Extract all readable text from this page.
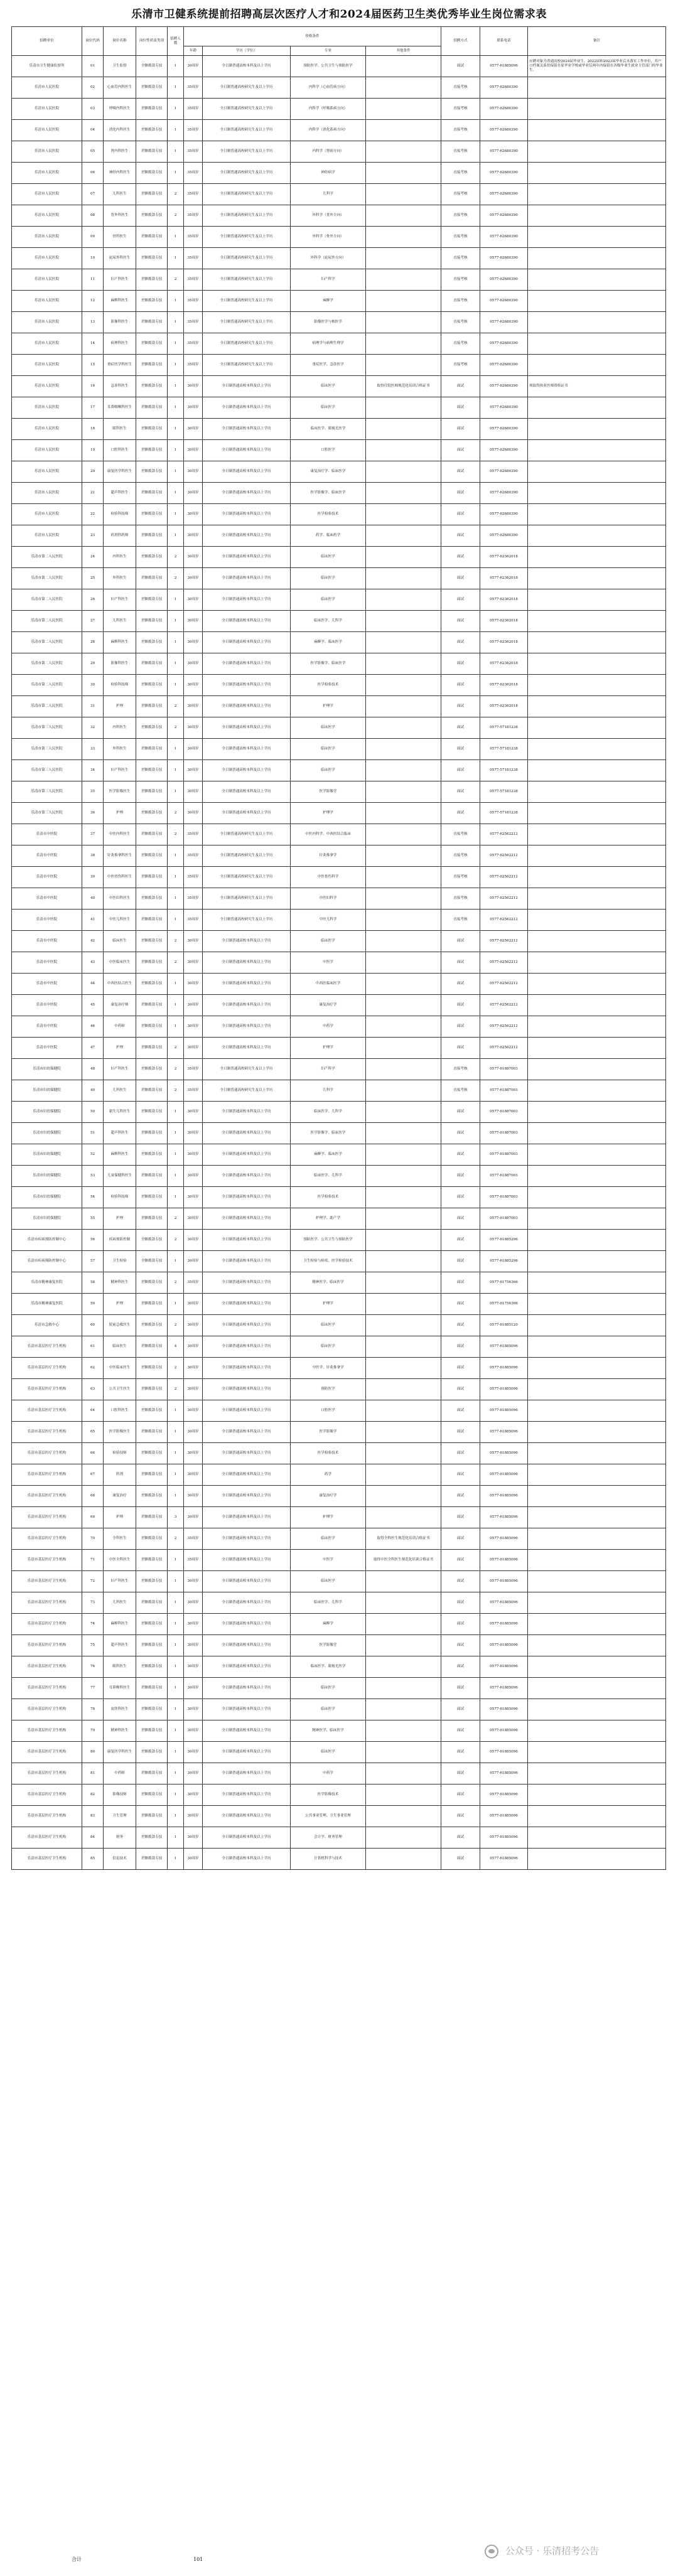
乐清市卫健系统提前招聘高层次医疗人才和2024届医药卫生类优秀毕业生岗位需求表
招聘单位	岗位代码	岗位名称	岗位性质及类别	招聘人数	资格条件				招聘方式	联系电话	备注
					年龄	学历（学位）	专业	其他条件			
乐清市卫生健康监督所	01	卫生监督	全额拨款专技	1	30周岁	全日制普通高校本科及以上学历	预防医学、公共卫生与预防医学		面试	0577-61885096	应聘对象为普通高校2024届毕业生、2022届和2023届毕业后未落实工作单位，其户口档案关系仍保留在原毕业学校或毕业后两年内保留在各级毕业生就业主管部门的毕业生。
乐清市人民医院	02	心血管内科医生	差额拨款专技	1	35周岁	全日制普通高校研究生及以上学历	内科学（心血管病方向）		直接考核	0577-62680390	
乐清市人民医院	03	呼吸内科医生	差额拨款专技	1	35周岁	全日制普通高校研究生及以上学历	内科学（呼吸系病方向）		直接考核	0577-62680390	
乐清市人民医院	04	消化内科医生	差额拨款专技	1	35周岁	全日制普通高校研究生及以上学历	内科学（消化系病方向）		直接考核	0577-62680390	
乐清市人民医院	05	肾内科医生	差额拨款专技	1	35周岁	全日制普通高校研究生及以上学历	内科学（肾病方向）		直接考核	0577-62680390	
乐清市人民医院	06	神经内科医生	差额拨款专技	1	35周岁	全日制普通高校研究生及以上学历	神经病学		直接考核	0577-62680390	
乐清市人民医院	07	儿科医生	差额拨款专技	2	35周岁	全日制普通高校研究生及以上学历	儿科学		直接考核	0577-62680390	
乐清市人民医院	08	普外科医生	差额拨款专技	2	35周岁	全日制普通高校研究生及以上学历	外科学（普外方向）		直接考核	0577-62680390	
乐清市人民医院	09	骨科医生	差额拨款专技	1	35周岁	全日制普通高校研究生及以上学历	外科学（骨外方向）		直接考核	0577-62680390	
乐清市人民医院	10	泌尿外科医生	差额拨款专技	1	35周岁	全日制普通高校研究生及以上学历	外科学（泌尿外方向）		直接考核	0577-62680390	
乐清市人民医院	11	妇产科医生	差额拨款专技	2	35周岁	全日制普通高校研究生及以上学历	妇产科学		直接考核	0577-62680390	
乐清市人民医院	12	麻醉科医生	差额拨款专技	1	35周岁	全日制普通高校研究生及以上学历	麻醉学		直接考核	0577-62680390	
乐清市人民医院	13	影像科医生	差额拨款专技	1	35周岁	全日制普通高校研究生及以上学历	影像医学与核医学		直接考核	0577-62680390	
乐清市人民医院	14	病理科医生	差额拨款专技	1	35周岁	全日制普通高校研究生及以上学历	病理学与病理生理学		直接考核	0577-62680390	
乐清市人民医院	15	重症医学科医生	差额拨款专技	1	35周岁	全日制普通高校研究生及以上学历	重症医学、急诊医学		直接考核	0577-62680390	
乐清市人民医院	16	急诊科医生	差额拨款专技	1	30周岁	全日制普通高校本科及以上学历	临床医学	取得住院医师规范化培训合格证书	面试	0577-62680390	须取得执业医师资格证书
乐清市人民医院	17	耳鼻咽喉科医生	差额拨款专技	1	30周岁	全日制普通高校本科及以上学历	临床医学		面试	0577-62680390	
乐清市人民医院	18	眼科医生	差额拨款专技	1	30周岁	全日制普通高校本科及以上学历	临床医学、眼视光医学		面试	0577-62680390	
乐清市人民医院	19	口腔科医生	差额拨款专技	1	30周岁	全日制普通高校本科及以上学历	口腔医学		面试	0577-62680390	
乐清市人民医院	20	康复医学科医生	差额拨款专技	1	30周岁	全日制普通高校本科及以上学历	康复治疗学、临床医学		面试	0577-62680390	
乐清市人民医院	21	超声科医生	差额拨款专技	1	30周岁	全日制普通高校本科及以上学历	医学影像学、临床医学		面试	0577-62680390	
乐清市人民医院	22	检验科技师	差额拨款专技	1	30周岁	全日制普通高校本科及以上学历	医学检验技术		面试	0577-62680390	
乐清市人民医院	23	药剂科药师	差额拨款专技	1	30周岁	全日制普通高校本科及以上学历	药学、临床药学		面试	0577-62680390	
乐清市第二人民医院	24	内科医生	差额拨款专技	2	30周岁	全日制普通高校本科及以上学历	临床医学		面试	0577-62362018	
乐清市第二人民医院	25	外科医生	差额拨款专技	2	30周岁	全日制普通高校本科及以上学历	临床医学		面试	0577-62362018	
乐清市第二人民医院	26	妇产科医生	差额拨款专技	1	30周岁	全日制普通高校本科及以上学历	临床医学		面试	0577-62362018	
乐清市第二人民医院	27	儿科医生	差额拨款专技	1	30周岁	全日制普通高校本科及以上学历	临床医学、儿科学		面试	0577-62362018	
乐清市第二人民医院	28	麻醉科医生	差额拨款专技	1	30周岁	全日制普通高校本科及以上学历	麻醉学、临床医学		面试	0577-62362018	
乐清市第二人民医院	29	影像科医生	差额拨款专技	1	30周岁	全日制普通高校本科及以上学历	医学影像学、临床医学		面试	0577-62362018	
乐清市第二人民医院	30	检验科技师	差额拨款专技	1	30周岁	全日制普通高校本科及以上学历	医学检验技术		面试	0577-62362018	
乐清市第二人民医院	31	护理	差额拨款专技	2	30周岁	全日制普通高校本科及以上学历	护理学		面试	0577-62362018	
乐清市第三人民医院	32	内科医生	差额拨款专技	2	30周岁	全日制普通高校本科及以上学历	临床医学		面试	0577-57181238	
乐清市第三人民医院	33	外科医生	差额拨款专技	1	30周岁	全日制普通高校本科及以上学历	临床医学		面试	0577-57181238	
乐清市第三人民医院	34	妇产科医生	差额拨款专技	1	30周岁	全日制普通高校本科及以上学历	临床医学		面试	0577-57181238	
乐清市第三人民医院	35	医学影像医生	差额拨款专技	1	30周岁	全日制普通高校本科及以上学历	医学影像学		面试	0577-57181238	
乐清市第三人民医院	36	护理	差额拨款专技	2	30周岁	全日制普通高校本科及以上学历	护理学		面试	0577-57181238	
乐清市中医院	37	中医内科医生	差额拨款专技	2	35周岁	全日制普通高校研究生及以上学历	中医内科学、中西医结合临床		直接考核	0577-62562212	
乐清市中医院	38	针灸推拿科医生	差额拨款专技	1	35周岁	全日制普通高校研究生及以上学历	针灸推拿学		直接考核	0577-62562212	
乐清市中医院	39	中医骨伤科医生	差额拨款专技	1	35周岁	全日制普通高校研究生及以上学历	中医骨伤科学		直接考核	0577-62562212	
乐清市中医院	40	中医妇科医生	差额拨款专技	1	35周岁	全日制普通高校研究生及以上学历	中医妇科学		直接考核	0577-62562212	
乐清市中医院	41	中医儿科医生	差额拨款专技	1	35周岁	全日制普通高校研究生及以上学历	中医儿科学		直接考核	0577-62562212	
乐清市中医院	42	临床医生	差额拨款专技	2	30周岁	全日制普通高校本科及以上学历	临床医学		面试	0577-62562212	
乐清市中医院	43	中医临床医生	差额拨款专技	2	30周岁	全日制普通高校本科及以上学历	中医学		面试	0577-62562212	
乐清市中医院	44	中西医结合医生	差额拨款专技	1	30周岁	全日制普通高校本科及以上学历	中西医临床医学		面试	0577-62562212	
乐清市中医院	45	康复治疗师	差额拨款专技	1	30周岁	全日制普通高校本科及以上学历	康复治疗学		面试	0577-62562212	
乐清市中医院	46	中药师	差额拨款专技	1	30周岁	全日制普通高校本科及以上学历	中药学		面试	0577-62562212	
乐清市中医院	47	护理	差额拨款专技	2	30周岁	全日制普通高校本科及以上学历	护理学		面试	0577-62562212	
乐清市妇幼保健院	48	妇产科医生	差额拨款专技	2	35周岁	全日制普通高校研究生及以上学历	妇产科学		直接考核	0577-61887003	
乐清市妇幼保健院	49	儿科医生	差额拨款专技	2	35周岁	全日制普通高校研究生及以上学历	儿科学		直接考核	0577-61887003	
乐清市妇幼保健院	50	新生儿科医生	差额拨款专技	1	30周岁	全日制普通高校本科及以上学历	临床医学、儿科学		面试	0577-61887003	
乐清市妇幼保健院	51	超声科医生	差额拨款专技	1	30周岁	全日制普通高校本科及以上学历	医学影像学、临床医学		面试	0577-61887003	
乐清市妇幼保健院	52	麻醉科医生	差额拨款专技	1	30周岁	全日制普通高校本科及以上学历	麻醉学、临床医学		面试	0577-61887003	
乐清市妇幼保健院	53	儿童保健科医生	差额拨款专技	1	30周岁	全日制普通高校本科及以上学历	临床医学、儿科学		面试	0577-61887003	
乐清市妇幼保健院	54	检验科技师	差额拨款专技	1	30周岁	全日制普通高校本科及以上学历	医学检验技术		面试	0577-61887003	
乐清市妇幼保健院	55	护理	差额拨款专技	2	30周岁	全日制普通高校本科及以上学历	护理学、助产学		面试	0577-61887003	
乐清市疾病预防控制中心	56	疾病预防控制	全额拨款专技	2	30周岁	全日制普通高校本科及以上学历	预防医学、公共卫生与预防医学		面试	0577-61885296	
乐清市疾病预防控制中心	57	卫生检验	全额拨款专技	1	30周岁	全日制普通高校本科及以上学历	卫生检验与检疫、医学检验技术		面试	0577-61885296	
乐清市精神康复医院	58	精神科医生	差额拨款专技	2	35周岁	全日制普通高校本科及以上学历	精神医学、临床医学		面试	0577-61756366	
乐清市精神康复医院	59	护理	差额拨款专技	1	30周岁	全日制普通高校本科及以上学历	护理学		面试	0577-61756366	
乐清市急救中心	60	院前急救医生	差额拨款专技	2	30周岁	全日制普通高校本科及以上学历	临床医学		面试	0577-61885120	
乐清市基层医疗卫生机构	61	临床医生	差额拨款专技	4	30周岁	全日制普通高校本科及以上学历	临床医学		面试	0577-61885096	
乐清市基层医疗卫生机构	62	中医临床医生	差额拨款专技	2	30周岁	全日制普通高校本科及以上学历	中医学、针灸推拿学		面试	0577-61885096	
乐清市基层医疗卫生机构	63	公共卫生医生	差额拨款专技	2	30周岁	全日制普通高校本科及以上学历	预防医学		面试	0577-61885096	
乐清市基层医疗卫生机构	64	口腔科医生	差额拨款专技	1	30周岁	全日制普通高校本科及以上学历	口腔医学		面试	0577-61885096	
乐清市基层医疗卫生机构	65	医学影像医生	差额拨款专技	1	30周岁	全日制普通高校本科及以上学历	医学影像学		面试	0577-61885096	
乐清市基层医疗卫生机构	66	检验技师	差额拨款专技	1	30周岁	全日制普通高校本科及以上学历	医学检验技术		面试	0577-61885096	
乐清市基层医疗卫生机构	67	药剂	差额拨款专技	1	30周岁	全日制普通高校本科及以上学历	药学		面试	0577-61885096	
乐清市基层医疗卫生机构	68	康复治疗	差额拨款专技	1	30周岁	全日制普通高校本科及以上学历	康复治疗学		面试	0577-61885096	
乐清市基层医疗卫生机构	69	护理	差额拨款专技	3	30周岁	全日制普通高校本科及以上学历	护理学		面试	0577-61885096	
乐清市基层医疗卫生机构	70	全科医生	差额拨款专技	2	35周岁	全日制普通高校本科及以上学历	临床医学	取得全科医生规范化培训合格证书	面试	0577-61885096	
乐清市基层医疗卫生机构	71	中医全科医生	差额拨款专技	1	35周岁	全日制普通高校本科及以上学历	中医学	取得中医全科医生规范化培训合格证书	面试	0577-61885096	
乐清市基层医疗卫生机构	72	妇产科医生	差额拨款专技	1	30周岁	全日制普通高校本科及以上学历	临床医学		面试	0577-61885096	
乐清市基层医疗卫生机构	73	儿科医生	差额拨款专技	1	30周岁	全日制普通高校本科及以上学历	临床医学、儿科学		面试	0577-61885096	
乐清市基层医疗卫生机构	74	麻醉科医生	差额拨款专技	1	30周岁	全日制普通高校本科及以上学历	麻醉学		面试	0577-61885096	
乐清市基层医疗卫生机构	75	超声科医生	差额拨款专技	1	30周岁	全日制普通高校本科及以上学历	医学影像学		面试	0577-61885096	
乐清市基层医疗卫生机构	76	眼科医生	差额拨款专技	1	30周岁	全日制普通高校本科及以上学历	临床医学、眼视光医学		面试	0577-61885096	
乐清市基层医疗卫生机构	77	耳鼻喉科医生	差额拨款专技	1	30周岁	全日制普通高校本科及以上学历	临床医学		面试	0577-61885096	
乐清市基层医疗卫生机构	78	皮肤科医生	差额拨款专技	1	30周岁	全日制普通高校本科及以上学历	临床医学		面试	0577-61885096	
乐清市基层医疗卫生机构	79	精神科医生	差额拨款专技	1	30周岁	全日制普通高校本科及以上学历	精神医学、临床医学		面试	0577-61885096	
乐清市基层医疗卫生机构	80	康复医学科医生	差额拨款专技	1	30周岁	全日制普通高校本科及以上学历	临床医学		面试	0577-61885096	
乐清市基层医疗卫生机构	81	中药师	差额拨款专技	1	30周岁	全日制普通高校本科及以上学历	中药学		面试	0577-61885096	
乐清市基层医疗卫生机构	82	影像技师	差额拨款专技	1	30周岁	全日制普通高校本科及以上学历	医学影像技术		面试	0577-61885096	
乐清市基层医疗卫生机构	83	卫生管理	差额拨款专技	1	30周岁	全日制普通高校本科及以上学历	公共事业管理、卫生事业管理		面试	0577-61885096	
乐清市基层医疗卫生机构	84	财务	差额拨款专技	1	30周岁	全日制普通高校本科及以上学历	会计学、财务管理		面试	0577-61885096	
乐清市基层医疗卫生机构	85	信息技术	差额拨款专技	1	30周岁	全日制普通高校本科及以上学历	计算机科学与技术		面试	0577-61885096	
合计	101
公众号 · 乐清招考公告
